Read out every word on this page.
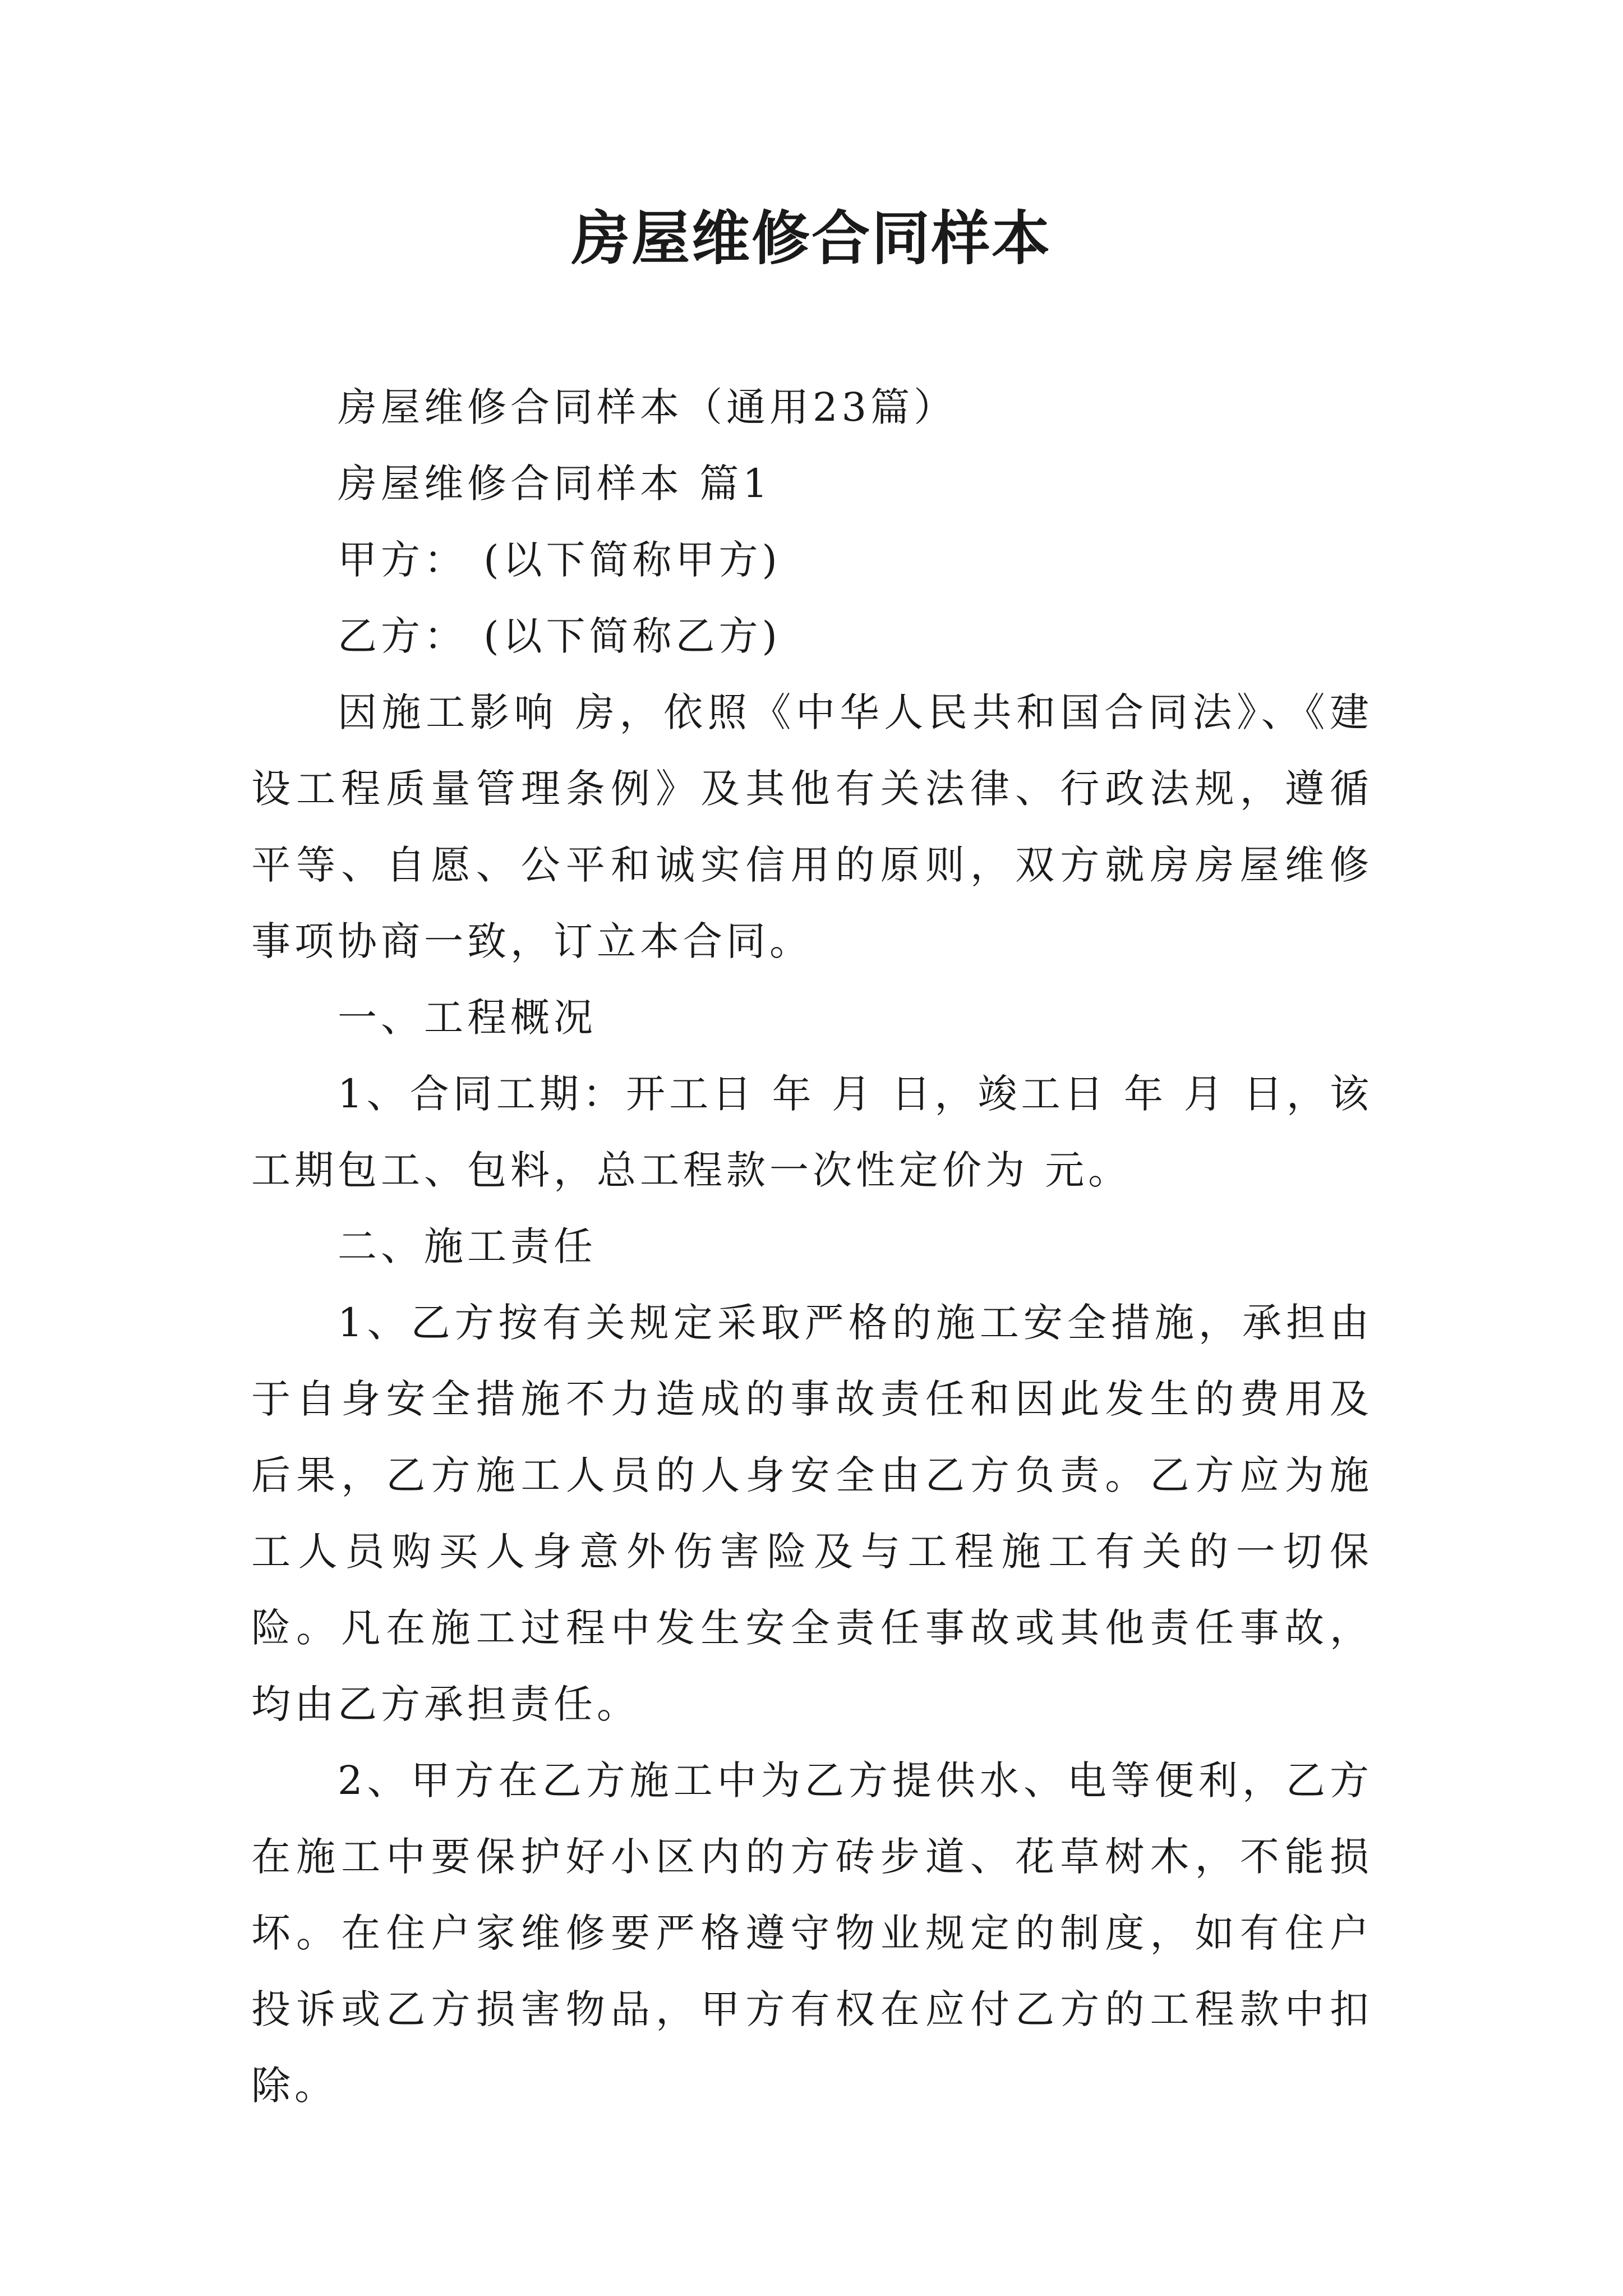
房屋维修合同样本

房屋维修合同样本（通用23篇）

房屋维修合同样本 篇1

甲方： (以下简称甲方)

乙方： (以下简称乙方)

因施工影响 房，依照《中华人民共和国合同法》、《建设工程质量管理条例》及其他有关法律、行政法规，遵循平等、自愿、公平和诚实信用的原则，双方就房房屋维修事项协商一致，订立本合同。

一、工程概况

1、合同工期：开工日 年 月 日，竣工日 年 月 日，该工期包工、包料，总工程款一次性定价为 元。

二、施工责任

1、乙方按有关规定采取严格的施工安全措施，承担由于自身安全措施不力造成的事故责任和因此发生的费用及后果，乙方施工人员的人身安全由乙方负责。乙方应为施工人员购买人身意外伤害险及与工程施工有关的一切保险。凡在施工过程中发生安全责任事故或其他责任事故，均由乙方承担责任。

2、甲方在乙方施工中为乙方提供水、电等便利，乙方在施工中要保护好小区内的方砖步道、花草树木，不能损坏。在住户家维修要严格遵守物业规定的制度，如有住户投诉或乙方损害物品，甲方有权在应付乙方的工程款中扣除。
